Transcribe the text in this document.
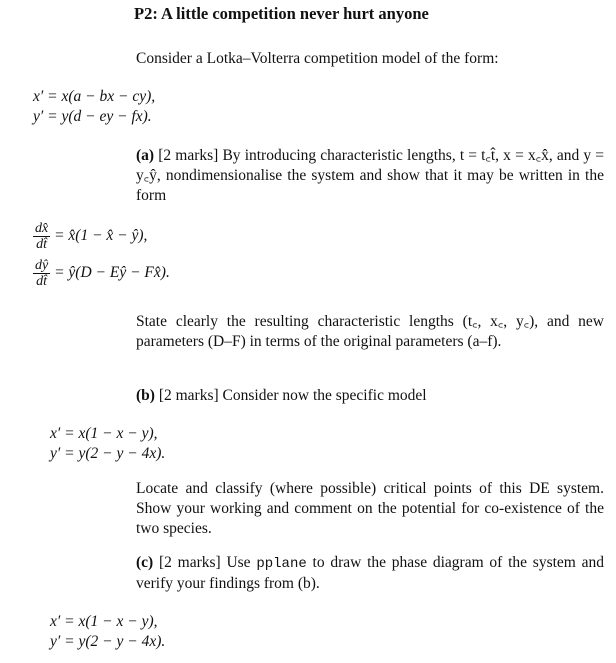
P2: A little competition never hurt anyone
Consider a Lotka–Volterra competition model of the form:
x′ = x(a − bx − cy),
y′ = y(d − ey − fx).
(a) [2 marks] By introducing characteristic lengths, t = t꜀t̂, x = x꜀x̂, and y = y꜀ŷ, nondimensionalise the system and show that it may be written in the form
$\frac{dx̂}{dt̂}$ = x̂(1 − x̂ − ŷ),
$\frac{dŷ}{dt̂}$ = ŷ(D − Eŷ − Fx̂).
State clearly the resulting characteristic lengths (t꜀, x꜀, y꜀), and new parameters (D–F) in terms of the original parameters (a–f).
(b) [2 marks] Consider now the specific model
x′ = x(1 − x − y),
y′ = y(2 − y − 4x).
Locate and classify (where possible) critical points of this DE system. Show your working and comment on the potential for co-existence of the two species.
(c) [2 marks] Use pplane to draw the phase diagram of the system and verify your findings from (b).
x′ = x(1 − x − y),
y′ = y(2 − y − 4x).
